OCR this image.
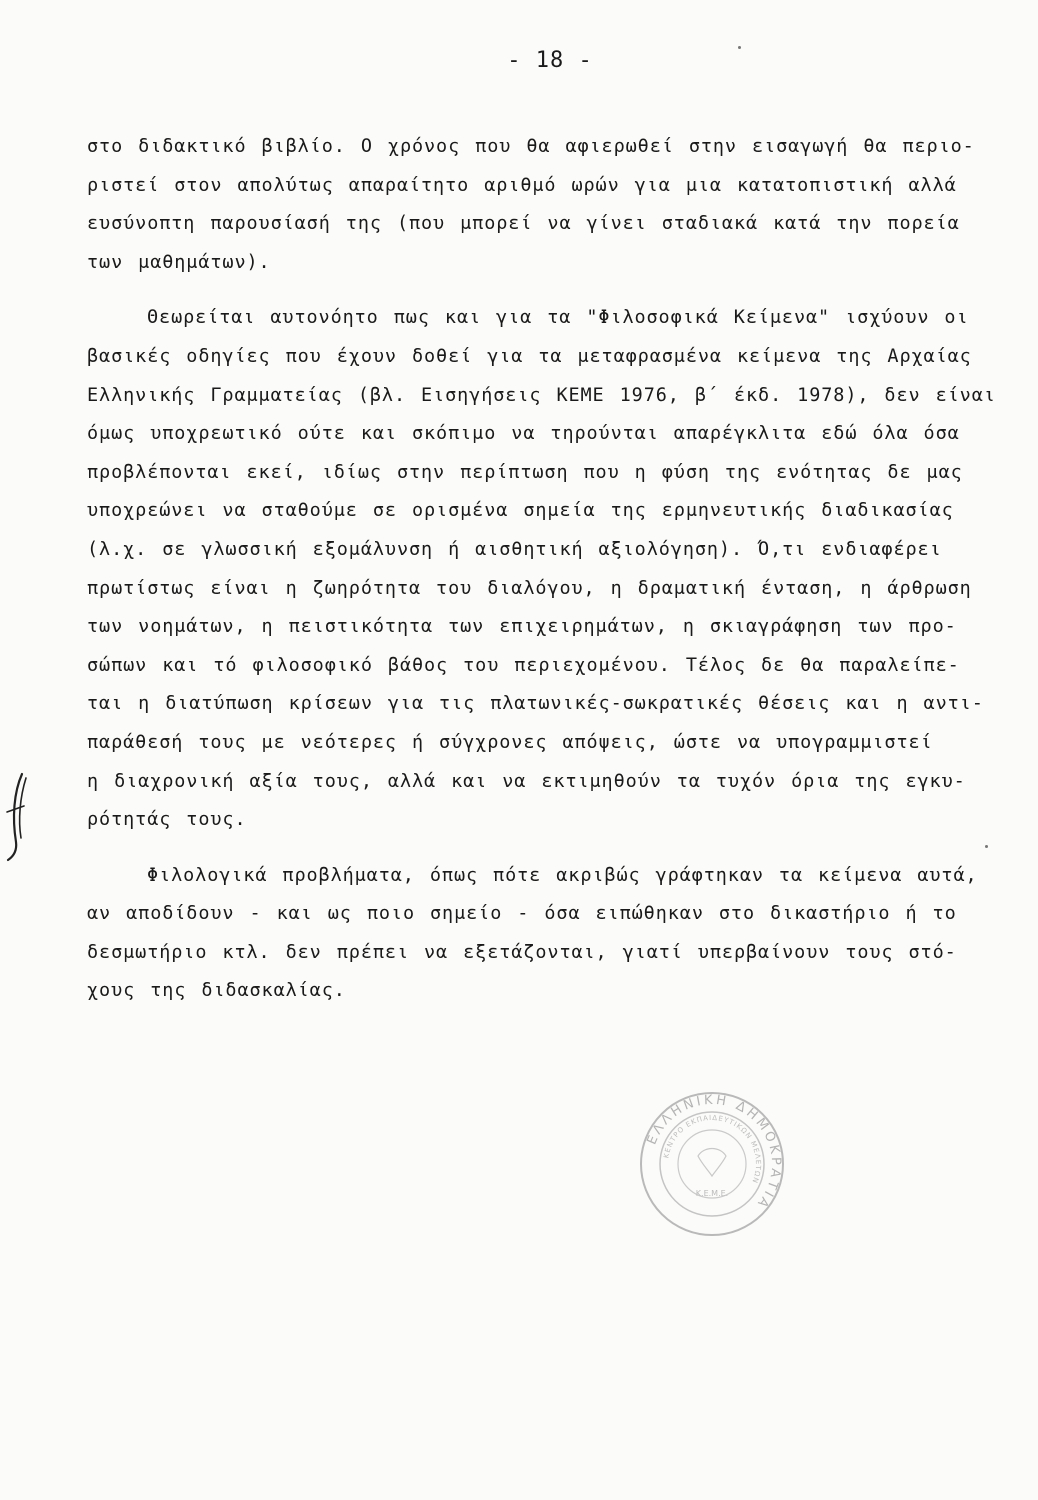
- 18 -
στο διδακτικό βιβλίο. Ο χρόνος που θα αφιερωθεί στην εισαγωγή θα περιο-
ριστεί στον απολύτως απαραίτητο αριθμό ωρών για μια κατατοπιστική αλλά
ευσύνοπτη παρουσίασή της (που μπορεί να γίνει σταδιακά κατά την πορεία
των μαθημάτων).
Θεωρείται αυτονόητο πως και για τα "Φιλοσοφικά Κείμενα" ισχύουν οι
βασικές οδηγίες που έχουν δοθεί για τα μεταφρασμένα κείμενα της Αρχαίας
Ελληνικής Γραμματείας (βλ. Εισηγήσεις ΚΕΜΕ 1976, β΄ έκδ. 1978), δεν είναι
όμως υποχρεωτικό ούτε και σκόπιμο να τηρούνται απαρέγκλιτα εδώ όλα όσα
προβλέπονται εκεί, ιδίως στην περίπτωση που η φύση της ενότητας δε μας
υποχρεώνει να σταθούμε σε ορισμένα σημεία της ερμηνευτικής διαδικασίας
(λ.χ. σε γλωσσική εξομάλυνση ή αισθητική αξιολόγηση). Ό,τι ενδιαφέρει
πρωτίστως είναι η ζωηρότητα του διαλόγου, η δραματική ένταση, η άρθρωση
των νοημάτων, η πειστικότητα των επιχειρημάτων, η σκιαγράφηση των προ-
σώπων και τό φιλοσοφικό βάθος του περιεχομένου. Τέλος δε θα παραλείπε-
ται η διατύπωση κρίσεων για τις πλατωνικές-σωκρατικές θέσεις και η αντι-
παράθεσή τους με νεότερες ή σύγχρονες απόψεις, ώστε να υπογραμμιστεί
η διαχρονική αξία τους, αλλά και να εκτιμηθούν τα τυχόν όρια της εγκυ-
ρότητάς τους.
Φιλολογικά προβλήματα, όπως πότε ακριβώς γράφτηκαν τα κείμενα αυτά,
αν αποδίδουν - και ως ποιο σημείο - όσα ειπώθηκαν στο δικαστήριο ή το
δεσμωτήριο κτλ. δεν πρέπει να εξετάζονται, γιατί υπερβαίνουν τους στό-
χους της διδασκαλίας.
ΕΛΛΗΝΙΚΗ ΔΗΜΟΚΡΑΤΙΑ
ΚΕΝΤΡΟ ΕΚΠΑΙΔΕΥΤΙΚΩΝ ΜΕΛΕΤΩΝ
Κ.Ε.Μ.Ε.
